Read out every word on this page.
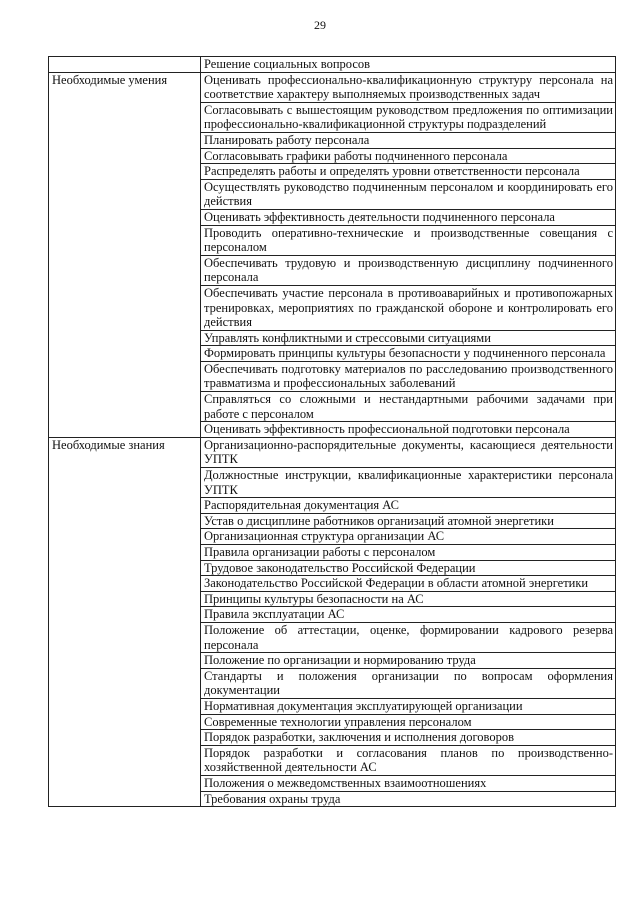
29
	Решение социальных вопросов
Необходимые умения	Оценивать профессионально-квалификационную структуру персонала на соответствие характеру выполняемых производственных задач
	Согласовывать с вышестоящим руководством предложения по оптимизации профессионально-квалификационной структуры подразделений
	Планировать работу персонала
	Согласовывать графики работы подчиненного персонала
	Распределять работы и определять уровни ответственности персонала
	Осуществлять руководство подчиненным персоналом и координировать его действия
	Оценивать эффективность деятельности подчиненного персонала
	Проводить оперативно-технические и производственные совещания с персоналом
	Обеспечивать трудовую и производственную дисциплину подчиненного персонала
	Обеспечивать участие персонала в противоаварийных и противопожарных тренировках, мероприятиях по гражданской обороне и контролировать его действия
	Управлять конфликтными и стрессовыми ситуациями
	Формировать принципы культуры безопасности у подчиненного персонала
	Обеспечивать подготовку материалов по расследованию производственного травматизма и профессиональных заболеваний
	Справляться со сложными и нестандартными рабочими задачами при работе с персоналом
	Оценивать эффективность профессиональной подготовки персонала
Необходимые знания	Организационно-распорядительные документы, касающиеся деятельности УПТК
	Должностные инструкции, квалификационные характеристики персонала УПТК
	Распорядительная документация АС
	Устав о дисциплине работников организаций атомной энергетики
	Организационная структура организации АС
	Правила организации работы с персоналом
	Трудовое законодательство Российской Федерации
	Законодательство Российской Федерации в области атомной энергетики
	Принципы культуры безопасности на АС
	Правила эксплуатации АС
	Положение об аттестации, оценке, формировании кадрового резерва персонала
	Положение по организации и нормированию труда
	Стандарты и положения организации по вопросам оформления документации
	Нормативная документация эксплуатирующей организации
	Современные технологии управления персоналом
	Порядок разработки, заключения и исполнения договоров
	Порядок разработки и согласования планов по производственно-хозяйственной деятельности АС
	Положения о межведомственных взаимоотношениях
	Требования охраны труда
